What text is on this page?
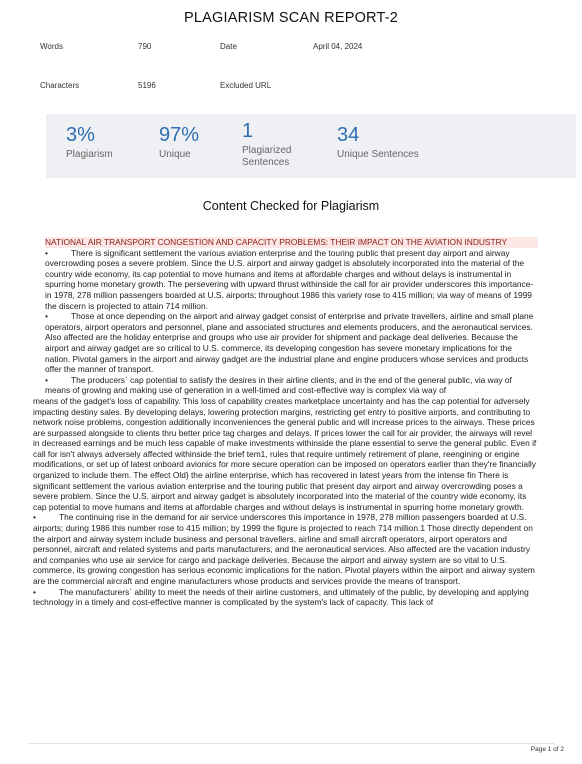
PLAGIARISM SCAN REPORT-2
Words	790	Date	April 04, 2024
Characters	5196	Excluded URL
3%
Plagiarism
97%
Unique
1
Plagiarized Sentences
34
Unique Sentences
Content Checked for Plagiarism

NATIONAL AIR TRANSPORT CONGESTION AND CAPACITY PROBLEMS: THEIR IMPACT ON THE AVIATION INDUSTRY

•	There is significant settlement the various aviation enterprise and the touring public that present day airport and airway overcrowding poses a severe problem. Since the U.S. airport and airway gadget is absolutely incorporated into the material of the country wide economy, its cap potential to move humans and items at affordable charges and without delays is instrumental in spurring home monetary growth. The persevering with upward thrust withinside the call for air provider underscores this importance-in 1978, 278 million passengers boarded at U.S. airports; throughout 1986 this variety rose to 415 million; via way of means of 1999 the discern is projected to attain 714 million.

•	Those at once depending on the airport and airway gadget consist of enterprise and private travellers, airline and small plane operators, airport operators and personnel, plane and associated structures and elements producers, and the aeronautical services. Also affected are the holiday enterprise and groups who use air provider for shipment and package deal deliveries. Because the airport and airway gadget are so critical to U.S. commerce, its developing congestion has severe monetary implications for the nation. Pivotal gamers in the airport and airway gadget are the industrial plane and engine producers whose services and products offer the manner of transport.

•	The producers` cap potential to satisfy the desires in their airline clients, and in the end of the general public, via way of means of growing and making use of generation in a well-timed and cost-effective way is complex via way of

means of the gadget's loss of capability. This loss of capability creates marketplace uncertainty and has the cap potential for adversely impacting destiny sales. By developing delays, lowering protection margins, restricting get entry to positive airports, and contributing to network noise problems, congestion additionally inconveniences the general public and will increase prices to the airways. These prices are surpassed alongside to clients thru better price tag charges and delays. If prices lower the call for air provider, the airways will revel in decreased earnings and be much less capable of make investments withinside the plane essential to serve the general public. Even if call for isn't always adversely affected withinside the brief tem1, rules that require untimely retirement of plane, reengining or engine modifications, or set up of latest onboard avionics for more secure operation can be imposed on operators earlier than they're financially organized to include them. The effect Old} the airline enterprise, which has recovered in latest years from the intense fin There is significant settlement the various aviation enterprise and the touring public that present day airport and airway overcrowding poses a severe problem. Since the U.S. airport and airway gadget is absolutely incorporated into the material of the country wide economy, its cap potential to move humans and items at affordable charges and without delays is instrumental in spurring home monetary growth.

•	The continuing rise in the demand for air service underscores this importance in 1978, 278 million passengers boarded at U.S. airports; during 1986 this number rose to 415 million; by 1999 the figure is projected to reach 714 million.1 Those directly dependent on the airport and airway system include business and personal travellers, airline and small aircraft operators, airport operators and personnel, aircraft and related systems and parts manufacturers, and the aeronautical services. Also affected are the vacation industry and companies who use air service for cargo and package deliveries. Because the airport and airway system are so vital to U.S. commerce, its growing congestion has serious economic implications for the nation. Pivotal players within the airport and airway system are the commercial aircraft and engine manufacturers whose products and services provide the means of transport.

•	The manufacturers` ability to meet the needs of their airline customers, and ultimately of the public, by developing and applying technology in a timely and cost-effective manner is complicated by the system's lack of capacity. This lack of

Page 1 of 2
